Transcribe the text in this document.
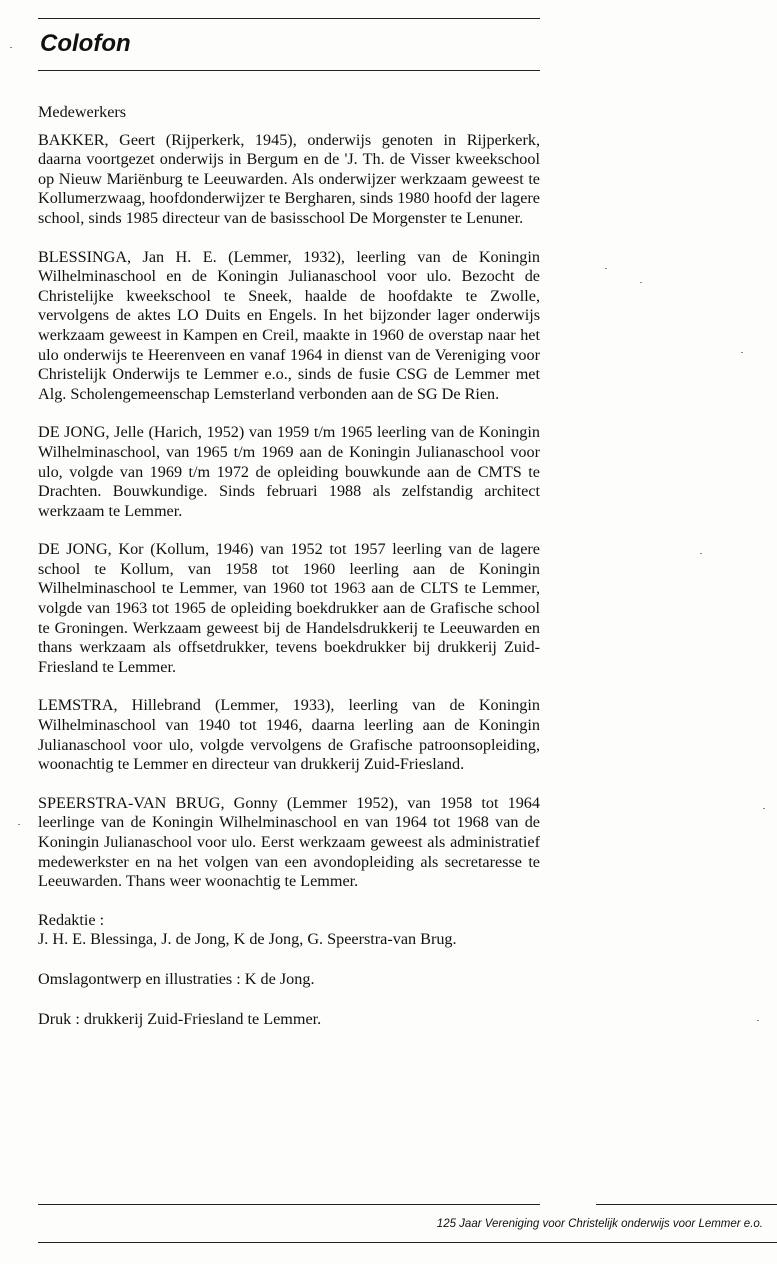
Colofon

Medewerkers

BAKKER, Geert (Rijperkerk, 1945), onderwijs genoten in Rijperkerk, daarna voortgezet onderwijs in Bergum en de 'J. Th. de Visser kweekschool op Nieuw Mariënburg te Leeuwarden. Als onderwijzer werkzaam geweest te Kollumerzwaag, hoofdonderwijzer te Bergharen, sinds 1980 hoofd der lagere school, sinds 1985 directeur van de basisschool De Morgenster te Lenuner.

BLESSINGA, Jan H. E. (Lemmer, 1932), leerling van de Koningin Wilhelminaschool en de Koningin Julianaschool voor ulo. Bezocht de Christelijke kweekschool te Sneek, haalde de hoofdakte te Zwolle, vervolgens de aktes LO Duits en Engels. In het bijzonder lager onderwijs werkzaam geweest in Kampen en Creil, maakte in 1960 de overstap naar het ulo onderwijs te Heerenveen en vanaf 1964 in dienst van de Vereniging voor Christelijk Onderwijs te Lemmer e.o., sinds de fusie CSG de Lemmer met Alg. Scholengemeenschap Lemsterland verbonden aan de SG De Rien.

DE JONG, Jelle (Harich, 1952) van 1959 t/m 1965 leerling van de Koningin Wilhelminaschool, van 1965 t/m 1969 aan de Koningin Julianaschool voor ulo, volgde van 1969 t/m 1972 de opleiding bouwkunde aan de CMTS te Drachten. Bouwkundige. Sinds februari 1988 als zelfstandig architect werkzaam te Lemmer.

DE JONG, Kor (Kollum, 1946) van 1952 tot 1957 leerling van de lagere school te Kollum, van 1958 tot 1960 leerling aan de Koningin Wilhelminaschool te Lemmer, van 1960 tot 1963 aan de CLTS te Lemmer, volgde van 1963 tot 1965 de opleiding boekdrukker aan de Grafische school te Groningen. Werkzaam geweest bij de Handelsdrukkerij te Leeuwarden en thans werkzaam als offsetdrukker, tevens boekdrukker bij drukkerij Zuid-Friesland te Lemmer.

LEMSTRA, Hillebrand (Lemmer, 1933), leerling van de Koningin Wilhelminaschool van 1940 tot 1946, daarna leerling aan de Koningin Julianaschool voor ulo, volgde vervolgens de Grafische patroonsopleiding, woonachtig te Lemmer en directeur van drukkerij Zuid-Friesland.

SPEERSTRA-VAN BRUG, Gonny (Lemmer 1952), van 1958 tot 1964 leerlinge van de Koningin Wilhelminaschool en van 1964 tot 1968 van de Koningin Julianaschool voor ulo. Eerst werkzaam geweest als administratief medewerkster en na het volgen van een avondopleiding als secretaresse te Leeuwarden. Thans weer woonachtig te Lemmer.

Redaktie :

J. H. E. Blessinga, J. de Jong, K de Jong, G. Speerstra-van Brug.

Omslagontwerp en illustraties : K de Jong.

Druk : drukkerij Zuid-Friesland te Lemmer.

125 Jaar Vereniging voor Christelijk onderwijs voor Lemmer e.o.
